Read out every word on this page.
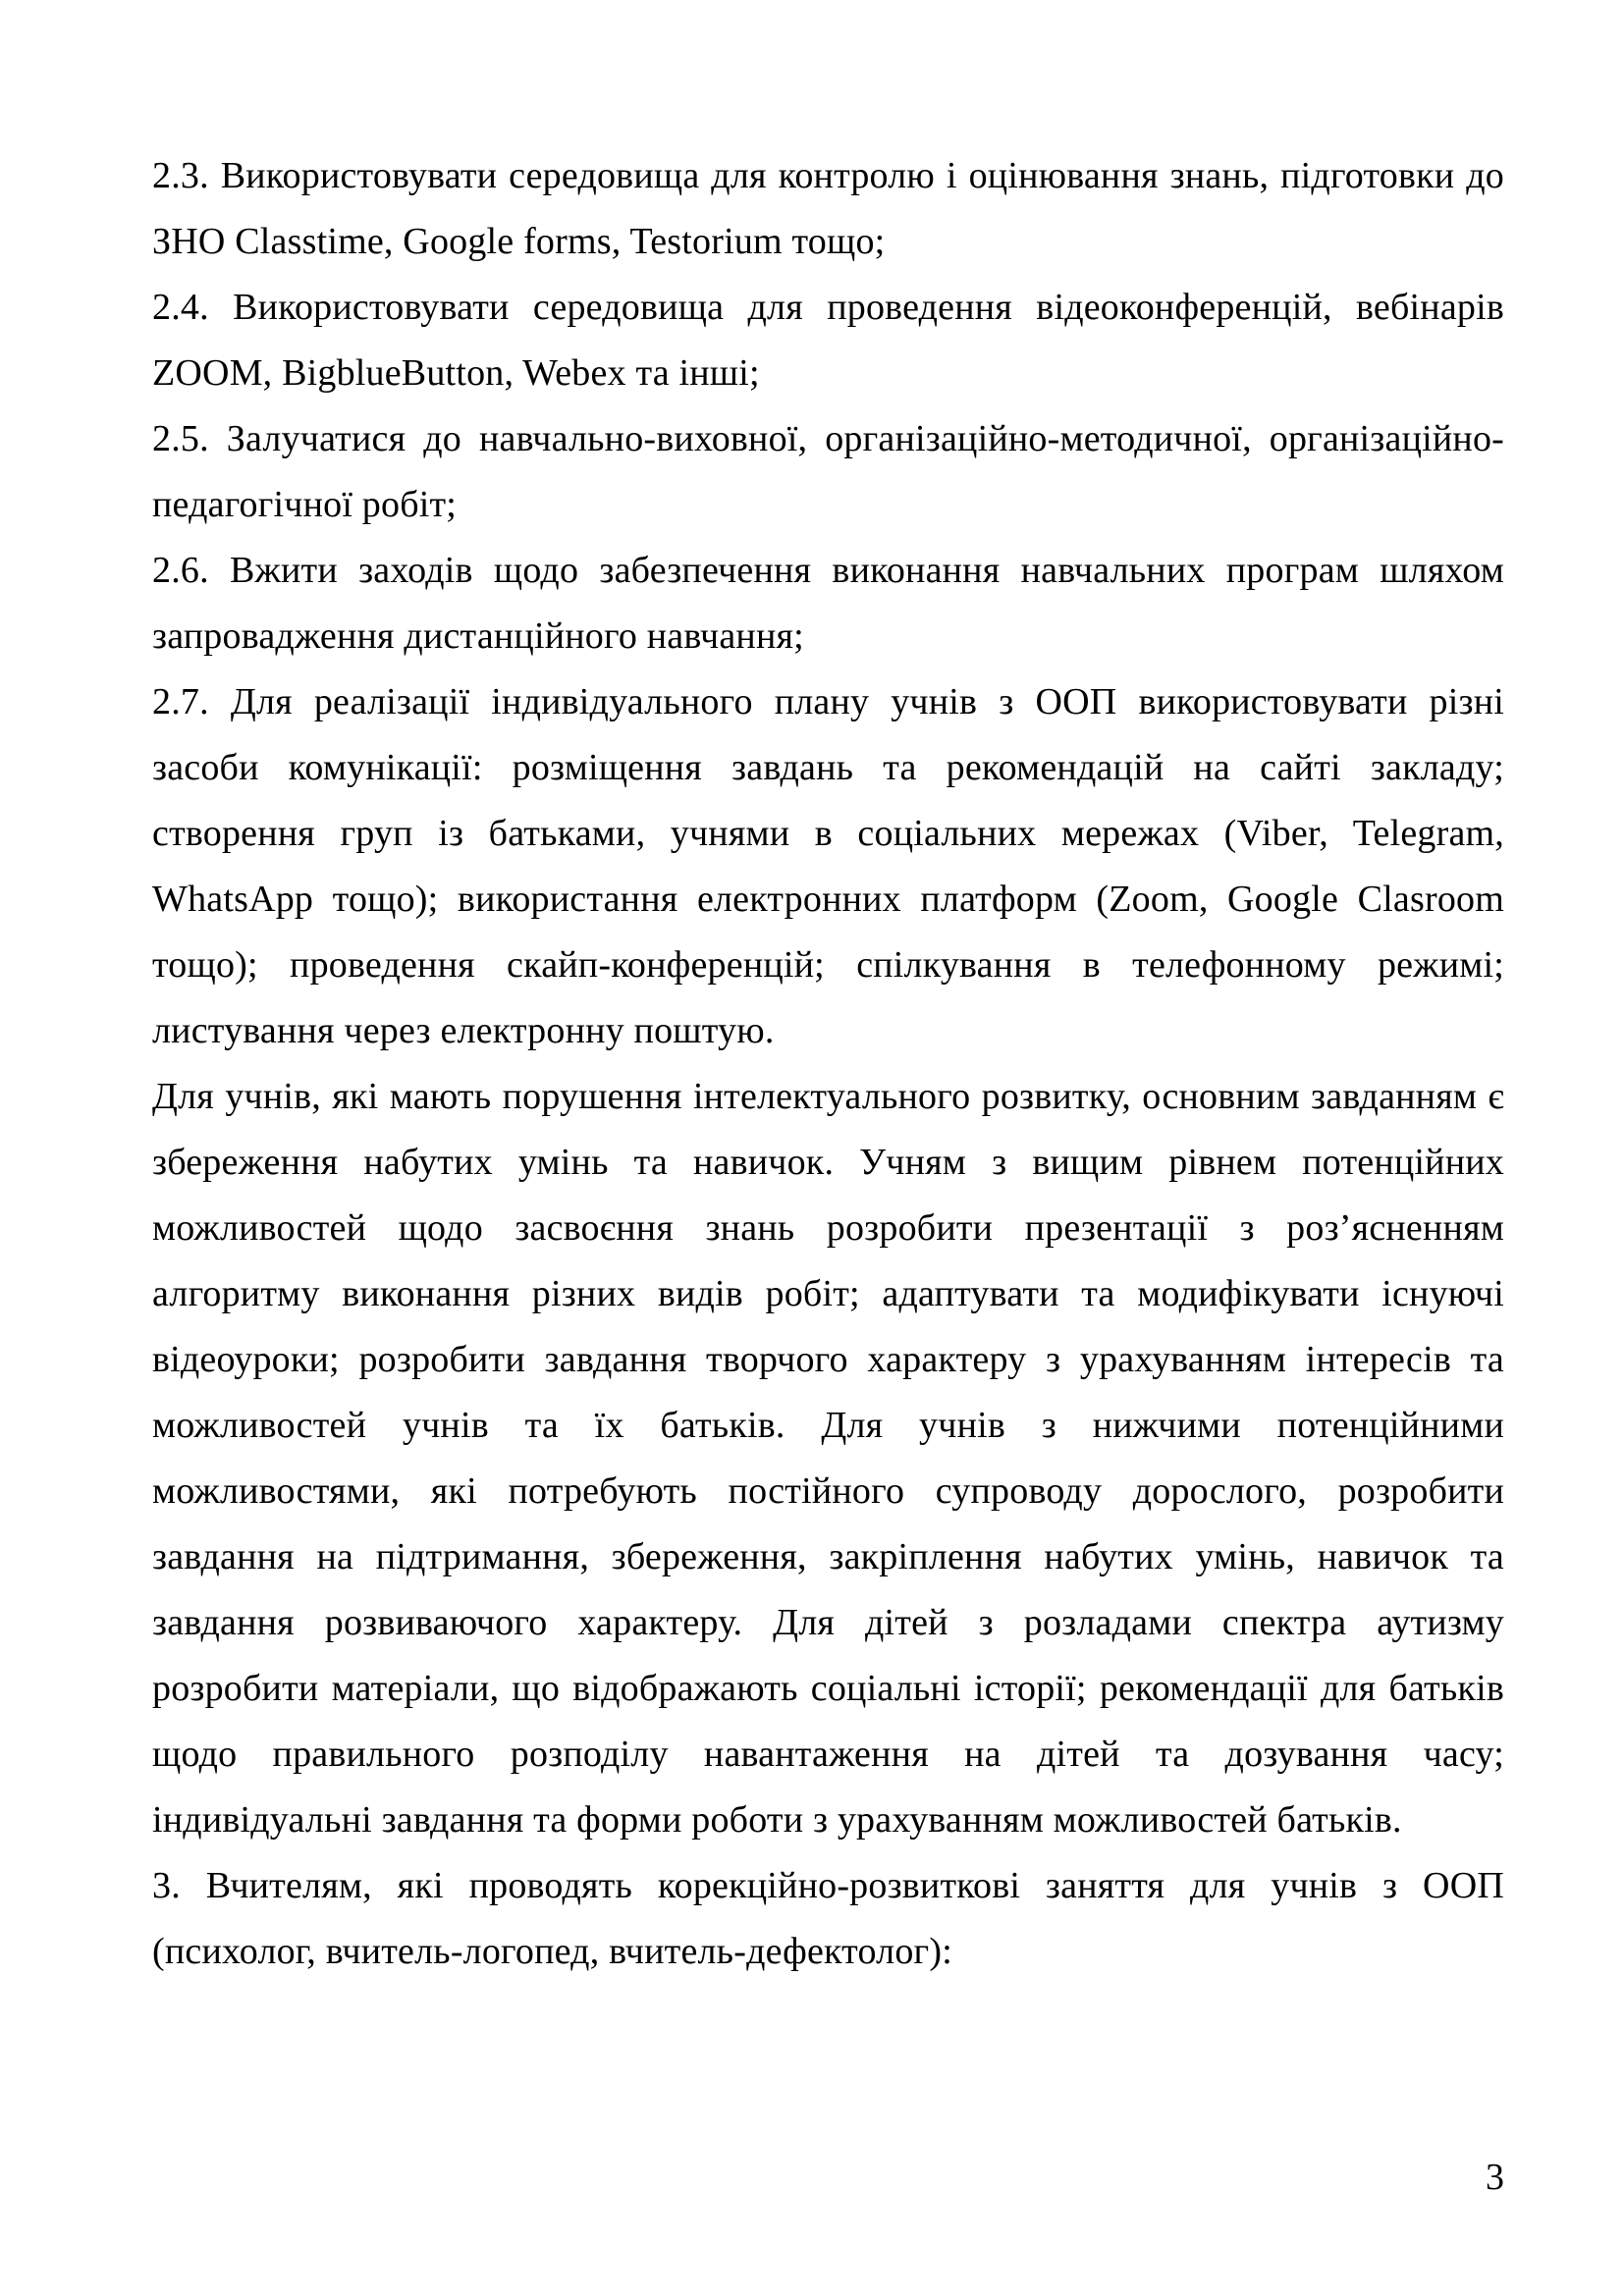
2.3. Використовувати середовища для контролю і оцінювання знань, підготовки до ЗНО Classtime, Google forms, Testorium тощо;

2.4. Використовувати середовища для проведення відеоконференцій, вебінарів ZOOM, BigblueButton, Webex та інші;

2.5. Залучатися до навчально-виховної, організаційно-методичної, організаційно-педагогічної робіт;

2.6. Вжити заходів щодо забезпечення виконання навчальних програм шляхом запровадження дистанційного навчання;

2.7. Для реалізації індивідуального плану учнів з ООП використовувати різні засоби комунікації: розміщення завдань та рекомендацій на сайті закладу; створення груп із батьками, учнями в соціальних мережах (Viber, Telegram, WhatsApp тощо); використання електронних платформ (Zoom, Google Clasroom тощо); проведення скайп-конференцій; спілкування в телефонному режимі; листування через електронну поштую.

Для учнів, які мають порушення інтелектуального розвитку, основним завданням є збереження набутих умінь та навичок. Учням з вищим рівнем потенційних можливостей щодо засвоєння знань розробити презентації з роз’ясненням алгоритму виконання різних видів робіт; адаптувати та модифікувати існуючі відеоуроки; розробити завдання творчого характеру з урахуванням інтересів та можливостей учнів та їх батьків. Для учнів з нижчими потенційними можливостями, які потребують постійного супроводу дорослого, розробити завдання на підтримання, збереження, закріплення набутих умінь, навичок та завдання розвиваючого характеру. Для дітей з розладами спектра аутизму розробити матеріали, що відображають соціальні історії; рекомендації для батьків щодо правильного розподілу навантаження на дітей та дозування часу; індивідуальні завдання та форми роботи з урахуванням можливостей батьків.

3. Вчителям, які проводять корекційно-розвиткові заняття для учнів з ООП (психолог, вчитель-логопед, вчитель-дефектолог):

3
